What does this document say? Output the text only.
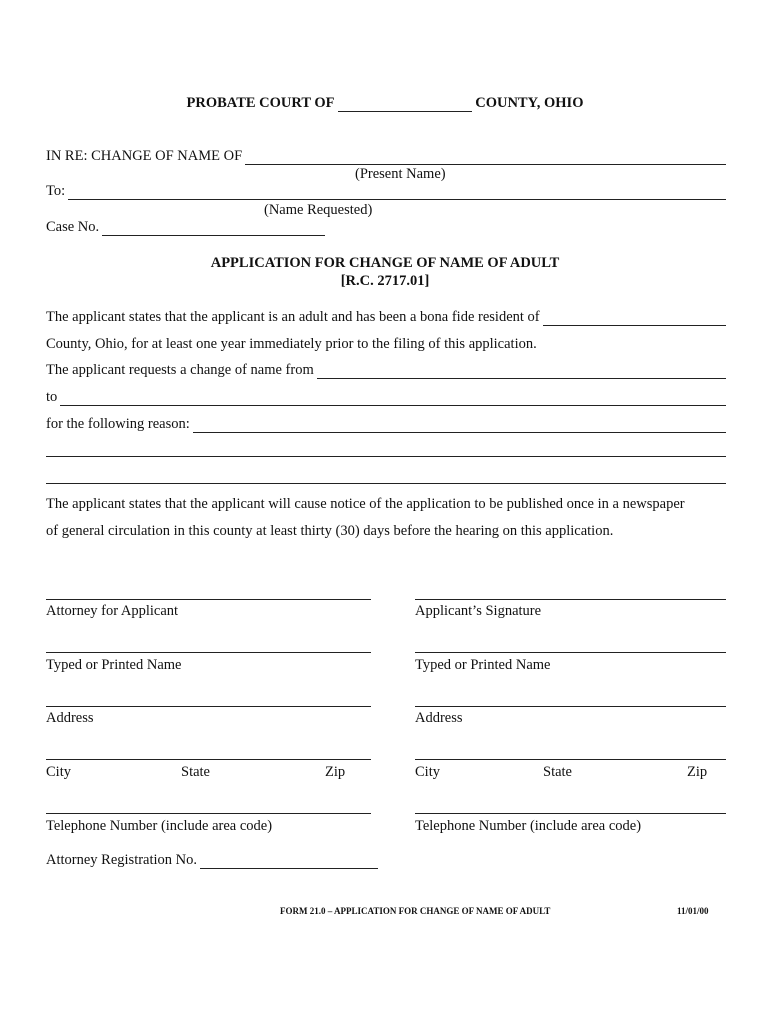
PROBATE COURT OF	COUNTY, OHIO
IN RE: CHANGE OF NAME OF
(Present Name)
To:
(Name Requested)
Case No.
APPLICATION FOR CHANGE OF NAME OF ADULT
[R.C. 2717.01]
The applicant states that the applicant is an adult and has been a bona fide resident of
County, Ohio, for at least one year immediately prior to the filing of this application.
The applicant requests a change of name from
to
for the following reason:
The applicant states that the applicant will cause notice of the application to be published once in a newspaper
of general circulation in this county at least thirty (30) days before the hearing on this application.
Attorney for Applicant
Typed or Printed Name
Address
City	State	Zip
Telephone Number (include area code)
Applicant’s Signature
Typed or Printed Name
Address
City	State	Zip
Telephone Number (include area code)
Attorney Registration No.
FORM 21.0 – APPLICATION FOR CHANGE OF NAME OF ADULT	11/01/00
